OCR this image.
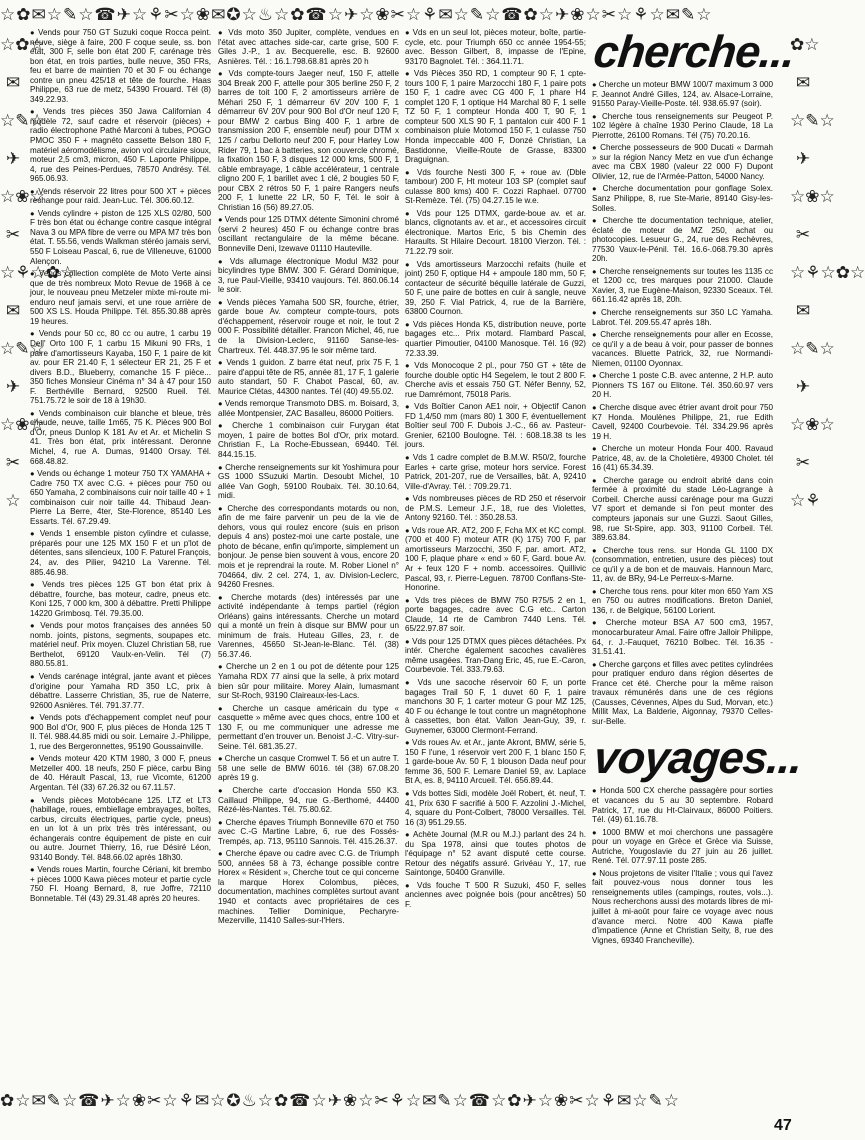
☆✿✉☆✎☆☎✈☆⚘✂☆❀✉✪☆♨☆✿☎☆✈☆❀✂☆⚘✉☆✎☆☎✿☆✈❀☆✂☆⚘☆✉✎☆
☆✿☆✉☆✎☆✈☆❀☆✂☆⚘☆✿☆✉☆✎☆✈☆❀☆✂☆
✿☆✉☆✎☆✈☆❀☆✂☆⚘☆✿☆✉☆✎☆✈☆❀☆✂☆⚘
✿☆✉✎☆☎✈☆❀✂☆⚘✉☆✪♨☆✿☎☆✈❀☆✂⚘☆✉✎☆☎☆✿✈☆❀✂☆⚘✉☆✎☆

● Vends pour 750 GT Suzuki coque Rocca peint. neuve, siège à faire, 200 F coque seule, ss. bon état, 300 F, selle bon état 200 F, carénage très bon état, en trois parties, bulle neuve, 350 FRs, feu et barre de maintien 70 et 30 F ou échange contre un pneu 425/18 et tête de fourche. Haas Philippe, 63 rue de metz, 54390 Frouard. Tél (8) 349.22.93.

● Vends tres pièces 350 Jawa Californian 4 modèle 72, sauf cadre et réservoir (pièces) + radio électrophone Pathé Marconi à tubes, POGO PMOC 350 F + magnéto cassette Belson 180 F, matériel aéromodélisme, avion vol circulaire sioux, moteur 2,5 cm3, micron, 450 F. Laporte Philippe, 4, rue des Peines-Perdues, 78570 Andrésy. Tél. 965.06.93.

● Vends réservoir 22 litres pour 500 XT + pièces rechange pour raid. Jean-Luc. Tél. 306.60.12.

● Vends cylindre + piston de 125 XLS 02/80, 500 F très bon état ou échange contre casque intégral Nava 3 ou MPA fibre de verre ou MPA M7 très bon état. T. 55.56, vends Walkman stéréo jamais servi, 550 F Loiseau Pascal, 6, rue de Villeneuve, 61000 Alençon.

● Vends collection complète de Moto Verte ainsi que de très nombreux Moto Revue de 1968 à ce jour, le nouveau pneu Metzeler mixte mi-route mi-enduro neuf jamais servi, et une roue arrière de 500 XS LS. Houda Philippe. Tél. 855.30.88 après 19 heures.

● Vends pour 50 cc, 80 cc ou autre, 1 carbu 19 Dell' Orto 100 F, 1 carbu 15 Mikuni 90 FRs, 1 paire d'amortisseurs Kayaba, 150 F, 1 paire de kit av. pour ER 21.40 F, 1 sélecteur ER 21, 25 F et divers B.D., Blueberry, comanche 15 F pièce... 350 fiches Monsieur Cinéma n° 34 à 47 pour 150 F. Berthéville Bernard, 92500 Rueil. Tél. 751.75.72 le soir de 18 à 19h30.

● Vends combinaison cuir blanche et bleue, très chaude, neuve, taille 1m65, 75 K. Pièces 900 Bol d'Or, pneus Dunlop K 181 Av et Ar. et Michelin S 41. Très bon état, prix intéressant. Deronne Michel, 4, rue A. Dumas, 91400 Orsay. Tél. 668.48.82.

● Vends ou échange 1 moteur 750 TX YAMAHA + Cadre 750 TX avec C.G. + pièces pour 750 ou 650 Yamaha, 2 combinaisons cuir noir taille 40 + 1 combinaison cuir noir taille 44. Thibaud Jean-Pierre La Berre, 4ter, Ste-Florence, 85140 Les Essarts. Tél. 67.29.49.

● Vends 1 ensemble piston cylindre et culasse, préparés pour une 125 MX 150 F et un p'lot de détentes, sans silencieux, 100 F. Paturel François, 24, av. des Pilier, 94210 La Varenne. Tél. 885.46.98.

● Vends tres pièces 125 GT bon état prix à débattre, fourche, bas moteur, cadre, pneus etc. Koni 125, 7 000 km, 300 à débattre. Pretti Philippe 14220 Grimbosq. Tél. 79.35.00.

● Vends pour motos françaises des années 50 nomb. joints, pistons, segments, soupapes etc. matériel neuf. Prix moyen. Cluzel Christian 58, rue Berthelot, 69120 Vaulx-en-Velin. Tél (7) 880.55.81.

● Vends carénage intégral, jante avant et pièces d'origine pour Yamaha RD 350 LC, prix à débattre. Lasserre Christian, 35, rue de Naterre, 92600 Asnières. Tél. 791.37.77.

● Vends pots d'échappement complet neuf pour 900 Bol d'Or, 900 F, plus pièces de Honda 125 T II. Tél. 988.44.85 midi ou soir. Lemaire J.-Philippe, 1, rue des Bergeronnettes, 95190 Goussainville.

● Vends moteur 420 KTM 1980, 3 000 F, pneus Metzeller 400. 18 neufs, 250 F pièce, carbu Bing de 40. Hérault Pascal, 13, rue Vicomte, 61200 Argentan. Tél (33) 67.26.32 ou 67.11.57.

● Vends pièces Motobécane 125. LTZ et LT3 (habillage, roues, embiellage embrayages, boîtes, carbus, circuits électriques, partie cycle, pneus) en un lot à un prix très très intéressant, ou échangerais contre équipement de piste en cuir ou autre. Journet Thierry, 16, rue Désiré Léon, 93140 Bondy. Tél. 848.66.02 après 18h30.

● Vends roues Martin, fourche Cériani, kit brembo + pièces 1000 Kawa pièces moteur et partie cycle 750 FI. Hoang Bernard, 8, rue Joffre, 72110 Bonnetable. Tél (43) 29.31.48 après 20 heures.

● Vds moto 350 Jupiter, complète, vendues en l'état avec attaches side-car, carte grise, 500 F. Giles J.-P., 1 av. Becquerelle, esc. B. 92600 Asnières. Tél. : 16.1.798.68.81 après 20 h

● Vds compte-tours Jaeger neuf, 150 F, attelle 304 Break 200 F, attelle pour 305 berline 250 F, 2 barres de toit 100 F, 2 amortisseurs arrière de Méhari 250 F, 1 démarreur 6V 20V 100 F, 1 démarreur 6V 20V pour 900 Bol d'Or neuf 120 F, pour BMW 2 carbus Bing 400 F, 1 arbre de transmission 200 F, ensemble neuf) pour DTM x 125 / carbu Dellorto neuf 200 F, pour Harley Low Rider 79, 1 bac à batteries, son couvercle chromé, la fixation 150 F, 3 disques 12 000 kms, 500 F, 1 câble embrayage, 1 câble accélérateur, 1 centrale cligno 200 F, 1 barillet avec 1 clé, 2 bougies 50 F, pour CBX 2 rétros 50 F, 1 paire Rangers neufs 200 F, 1 lunette 22 LR, 50 F, Tél. le soir à Christian 16 (56) 89.27.05.

● Vends pour 125 DTMX détente Simonini chromé (servi 2 heures) 450 F ou échange contre bras oscillant rectangulaire de la même bécane. Bonneville Deni, Izewave 01110 Hauteville.

● Vds allumage électronique Modul M32 pour bicylindres type BMW. 300 F. Gérard Dominique, 3, rue Paul-Vieille, 93410 vaujours. Tél. 860.06.14 le soir.

● Vends pièces Yamaha 500 SR, fourche, étrier, garde boue Av. compteur compte-tours, pots d'échappement, réservoir rouge et noir, le tout 2 000 F. Possibilité détailler. Francon Michel, 46, rue de la Division-Leclerc, 91160 Sanse-les-Chartreux. Tél. 448.37.95 le soir même tard.

● Vends 1 guidon. Z barre état neuf, prix 75 F, 1 paire d'appui tête de R5, année 81, 17 F, 1 galerie auto standart, 50 F. Chabot Pascal, 60, av. Maurice Clétas, 44300 nantes. Tél (40) 49.55.02.

● Vends remorque Transmoto DBS. m. Boisard, 3, allée Montpensier, ZAC Basalleu, 86000 Poitiers.

● Cherche 1 combinaison cuir Furygan état moyen, 1 paire de bottes Bol d'Or, prix motard. Christian F., La Roche-Ebussean, 69440. Tél. 844.15.15.

● Cherche renseignements sur kit Yoshimura pour GS 1000 SSuzuki Martin. Desoubt Michel, 10 allée Van Gogh, 59100 Roubaix. Tél. 30.10.64, midi.

● Cherche des correspondants motards ou non, afin de me faire parvenir un peu de la vie de dehors, vous qui roulez encore (suis en prison depuis 4 ans) postez-moi une carte postale, une photo de bécane, enfin qu'importe, simplement un bonjour. Je pense bien souvent à vous, encore 20 mois et je reprendrai la route. M. Rober Lionel n° 704664, div. 2 cel. 274, 1, av. Division-Leclerc, 94260 Fresnes.

● Cherche motards (des) intéressés par une activité indépendante à temps partiel (région Orléans) gains intéressants. Cherche un motard qui a monté un frein à disque sur BMW pour un minimum de frais. Huteau Gilles, 23, r. de Varennes, 45650 St-Jean-le-Blanc. Tél. (38) 56.37.46.

● Cherche un 2 en 1 ou pot de détente pour 125 Yamaha RDX 77 ainsi que la selle, à prix motard bien sûr pour militaire. Morey Alain, Iumasmant sur St-Roch, 93190 Claireaux-les-Lacs.

● Cherche un casque américain du type « casquette » même avec ques chocs, entre 100 et 130 F, ou me communiquer une adresse me permettant d'en trouver un. Benoist J.-C. Vitry-sur-Seine. Tél. 681.35.27.

● Cherche un casque Cromwel T. 56 et un autre T. 58 une selle de BMW 6016. tél (38) 67.08.20 après 19 g.

● Cherche carte d'occasion Honda 550 K3. Caillaud Philippe, 94, rue G.-Berthomé, 44400 Rézé-lès-Nantes. Tél. 75.80.62.

● Cherche épaves Triumph Bonneville 670 et 750 avec C.-G Martine Labre, 6, rue des Fossés-Trempés, ap. 713, 95110 Sannois. Tél. 415.26.37.

● Cherche épave ou cadre avec C.G. de Triumph 500, années 58 à 73, échange possible contre Horex « Résident », Cherche tout ce qui concerne la marque Horex Colombus, pièces, documentation, machines complètes surtout avant 1940 et contacts avec propriétaires de ces machines. Tellier Dominique, Pecharyre-Mezerville, 11410 Salles-sur-l'Hers.

● Vds en un seul lot, pièces moteur, boîte, partie-cycle, etc. pour Triumph 650 cc année 1954-55; avec. Besson Gilbert, 8, impasse de l'Epine, 93170 Bagnolet. Tél. : 364.11.71.

● Vds Pièces 350 RD, 1 compteur 90 F, 1 cpte-tours 100 F, 1 paire Marzocchi 180 F, 1 paire pots 150 F, 1 cadre avec CG 400 F, 1 phare H4 complet 120 F, 1 optique H4 Marchal 80 F, 1 selle TZ 50 F, 1 compteur Honda 400 T, 90 F, 1 compteur 500 XLS 90 F, 1 pantalon cuir 400 F 1 combinaison pluie Motomod 150 F, 1 culasse 750 Honda impeccable 400 F, Donzé Christian, La Bastidonne, Vieille-Route de Grasse, 83300 Draguignan.

● Vds fourche Nesti 300 F, + roue av. (Dble tambour) 200 F, Ht moteur 103 SP (complet sauf culasse 800 kms) 400 F. Cozzi Raphael. 07700 St-Remèze. Tél. (75) 04.27.15 le w.e.

● Vds pour 125 DTMX, garde-boue av. et ar. blancs, clignotants av. et ar., et accessoires circuit électronique. Martos Eric, 5 bis Chemin des Haraults. St Hilaire Decourt. 18100 Vierzon. Tél. : 71.22.79 soir.

● Vds amortisseurs Marzocchi refaits (huile et joint) 250 F, optique H4 + ampoule 180 mm, 50 F, contacteur de sécurité béquille latérale de Guzzi, 50 F, une paire de bottes en cuir à sangle, neuve 39, 250 F. Vial Patrick, 4, rue de la Barrière, 63800 Cournon.

● Vds pièces Honda K5, distribution neuve, porte bagages etc... Prix motard. Flambard Pascal, quartier Pimoutier, 04100 Manosque. Tél. 16 (92) 72.33.39.

● Vds Monocoque 2 pl., pour 750 GT + tête de fourche double optic H4 Segelem, le tout 2 800 F. Cherche avis et essais 750 GT. Néfer Benny, 52, rue Damrémont, 75018 Paris.

● Vds Boîtier Canon AE1 noir, + Objectif Canon FD 1,4/50 mm (mars 80) 1 300 F, éventuellement Boîtier seul 700 F. Dubois J.-C., 66 av. Pasteur-Grenier, 62100 Boulogne. Tél. : 608.18.38 ts les jours.

● Vds 1 cadre complet de B.M.W. R50/2, fourche Earles + carte grise, moteur hors service. Forest Patrick, 201-207, rue de Versailles, bât. A, 92410 Ville-d'Avray. Tél. : 709.29.71.

● Vds nombreuses pièces de RD 250 et réservoir de P.M.S. Lemeur J.F., 18, rue des Violettes, Antony 92160. Tél. : 350.28.53.

● Vds roue AR. AT2, 200 F, Fcha MX et KC compl. (700 et 400 F) moteur ATR (K) 175) 700 F, par amortisseurs Marzocchi, 350 F, par. amort. AT2, 100 F, plaque phare « end » 60 F, Gard. boue Av. Ar + feux 120 F + nomb. accessoires. Quillivic Pascal, 93, r. Pierre-Leguen. 78700 Conflans-Ste-Honorine.

● Vds tres pièces de BMW 750 R75/5 2 en 1, porte bagages, cadre avec C.G etc.. Carton Claude, 14 rte de Cambron 7440 Lens. Tél. 65/22.97.87 soir.

● Vds pour 125 DTMX ques pièces détachées. Px intér. Cherche également sacoches cavalières même usagées. Tran-Dang Eric, 45, rue E.-Caron, Courbevoie. Tél. 333.79.63.

● Vds une sacoche réservoir 60 F, un porte bagages Trail 50 F, 1 duvet 60 F, 1 paire manchons 30 F, 1 carter moteur G pour MZ 125, 40 F ou échange le tout contre un magnétophone à cassettes, bon état. Vallon Jean-Guy, 39, r. Guynemer, 63000 Clermont-Ferrand.

● Vds roues Av. et Ar., jante Akront, BMW, série 5, 150 F l'une, 1 réservoir vert 200 F, 1 blanc 150 F, 1 garde-boue Av. 50 F, 1 blouson Dada neuf pour femme 36, 500 F. Lemare Daniel 59, av. Laplace Bt A, es. 8, 94110 Arcueil. Tél. 656.89.44.

● Vds bottes Sidi, modèle Joël Robert, ét. neuf, T. 41, Prix 630 F sacrifié à 500 F. Azzolini J.-Michel, 4, square du Pont-Colbert, 78000 Versailles. Tél. 16 (3) 951.29.55.

● Achète Journal (M.R ou M.J.) parlant des 24 h. du Spa 1978, ainsi que toutes photos de l'équipage n° 52 avant disputé cette course. Retour des négatifs assuré. Grivéau Y., 17, rue Saintonge, 50400 Granville.

● Vds fouche T 500 R Suzuki, 450 F, selles anciennes avec poignée bois (pour ancêtres) 50 F.

cherche...

● Cherche un moteur BMW 100/7 maximum 3 000 F. Jeannot André Gilles, 124, av. Alsace-Lorraine, 91550 Paray-Vieille-Poste. tél. 938.65.97 (soir).

● Cherche tous renseignements sur Peugeot P. 102 légère à chaîne 1930 Perino Claude, 18 La Pierrotte, 26100 Romans. Tél (75) 70.20.16.

● Cherche possesseurs de 900 Ducati « Darmah » sur la région Nancy Metz en vue d'un échange avec ma CBX 1980 (valeur 22 000 F) Dupont Olivier, 12, rue de l'Armée-Patton, 54000 Nancy.

● Cherche documentation pour gonflage Solex. Sanz Philippe, 8, rue Ste-Marie, 89140 Gisy-les-Solles.

● Cherche tte documentation technique, atelier, éclaté de moteur de MZ 250, achat ou photocopies. Lesueur G., 24, rue des Rechèvres, 77530 Vaux-le-Pénil. Tél. 16.6-.068.79.30 après 20h.

● Cherche renseignements sur toutes les 1135 cc et 1200 cc, tres marques pour 21000. Claude Xavier, 3, rue Eugène-Maison, 92330 Sceaux. Tél. 661.16.42 après 18, 20h.

● Cherche renseignements sur 350 LC Yamaha. Labrot. Tél. 209.55.47 après 18h.

● Cherche renseignements pour aller en Ecosse, ce qu'il y a de beau à voir, pour passer de bonnes vacances. Bluette Patrick, 32, rue Normandi-Niemen, 01100 Oyonnax.

● Cherche 1 poste C.B. avec antenne, 2 H.P. auto Pionners TS 167 ou Elitone. Tél. 350.60.97 vers 20 H.

● Cherche disque avec étrier avant droit pour 750 K7 Honda. Moulènes Philippe, 21, rue Edith Cavell, 92400 Courbevoie. Tél. 334.29.96 après 19 H.

● Cherche un moteur Honda Four 400. Ravaud Patrice, 48, av. de la Choletière, 49300 Cholet. tél 16 (41) 65.34.39.

● Cherche garage ou endroit abrité dans coin fermée à proximité du stade Léo-Lagrange à Corbeil. Cherche aussi carénage pour ma Guzzi V7 sport et demande si l'on peut monter des compteurs japonais sur une Guzzi. Saout Gilles, 98, rue St-Spire, app. 303, 91100 Corbeil. Tél. 389.63.84.

● Cherche tous rens. sur Honda GL 1100 DX (consommation, entretien, usure des pièces) tout ce qu'il y a de bon et de mauvais. Hannoun Marc, 11, av. de BRy, 94-Le Perreux-s-Marne.

● Cherche tous rens. pour kiter mon 650 Yam XS en 750 ou autres modifications. Breton Daniel, 136, r. de Belgique, 56100 Lorient.

● Cherche moteur BSA A7 500 cm3, 1957, monocarburateur Amal. Faire offre Jalloir Philippe, 64, r. J.-Fauquet, 76210 Bolbec. Tél. 16.35 - 31.51.41.

● Cherche garçons et filles avec petites cylindrées pour pratiquer enduro dans région désertes de France cet été. Cherche pour la même raison travaux rémunérés dans une de ces régions (Causses, Cévennes, Alpes du Sud, Morvan, etc.) Millit Max, La Balderie, Aigonnay, 79370 Celles-sur-Belle.

voyages...

● Honda 500 CX cherche passagère pour sorties et vacances du 5 au 30 septembre. Robard Patrick, 17, rue du Ht-Clairvaux, 86000 Poitiers. Tél. (49) 61.16.78.

● 1000 BMW et moi cherchons une passagère pour un voyage en Grèce et Grèce via Suisse, Autriche, Yougoslavie du 27 juin au 26 juillet. René. Tél. 077.97.11 poste 285.

● Nous projetons de visiter l'Italie ; vous qui l'avez fait pouvez-vous nous donner tous les renseignements utiles (campings, routes, vols...). Nous recherchons aussi des motards libres de mi-juillet à mi-août pour faire ce voyage avec nous d'avance merci. Notre 400 Kawa piaffe d'impatience (Anne et Christian Seity, 8, rue des Vignes, 69340 Francheville).

47
